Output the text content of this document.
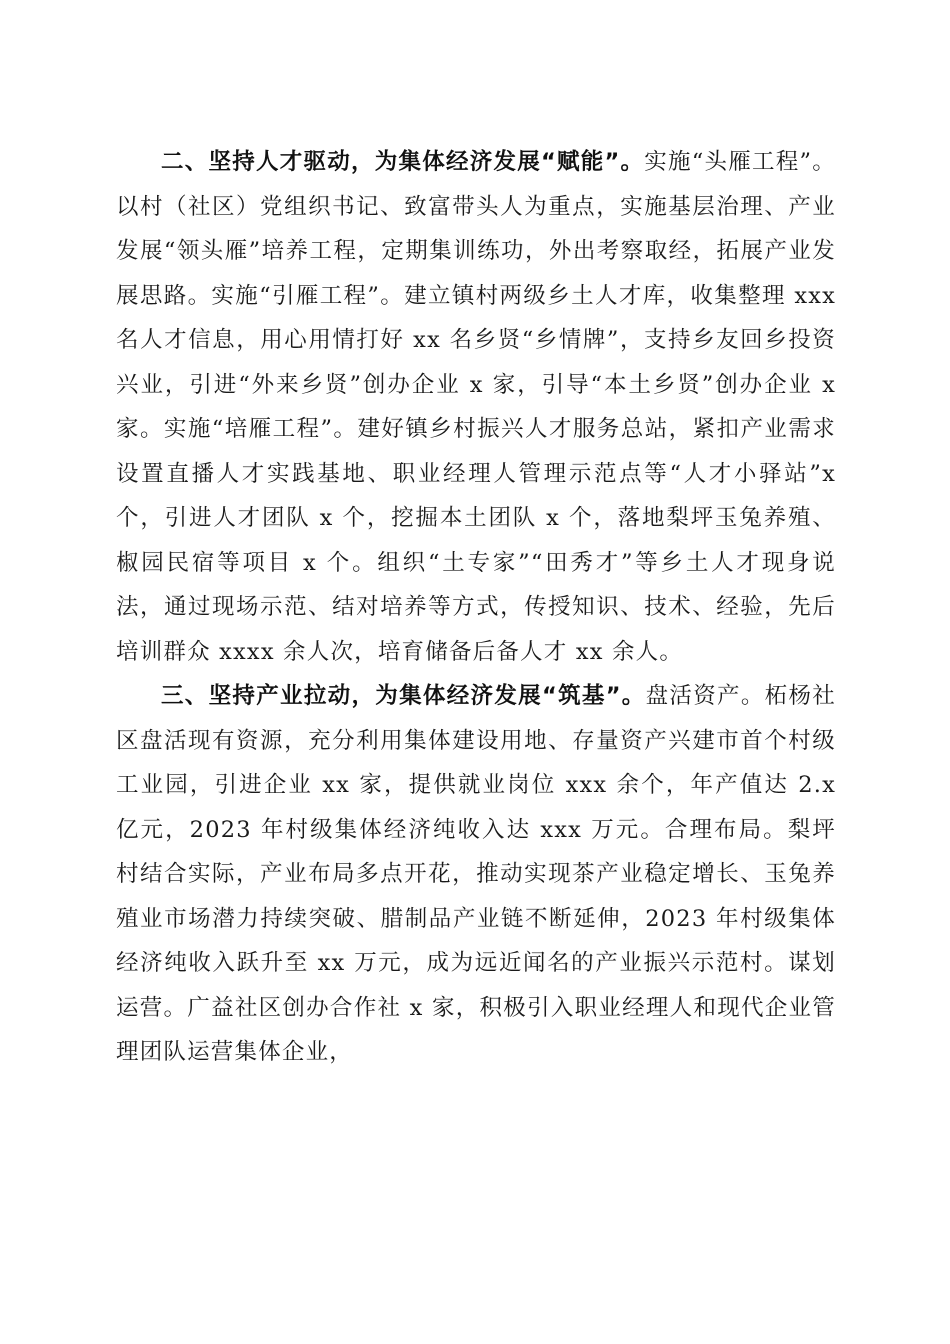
二、坚持人才驱动，为集体经济发展“赋能”。实施“头雁工程”。以村（社区）党组织书记、致富带头人为重点，实施基层治理、产业发展“领头雁”培养工程，定期集训练功，外出考察取经，拓展产业发展思路。实施“引雁工程”。建立镇村两级乡土人才库，收集整理 xxx 名人才信息，用心用情打好 xx 名乡贤“乡情牌”，支持乡友回乡投资兴业，引进“外来乡贤”创办企业 x 家，引导“本土乡贤”创办企业 x 家。实施“培雁工程”。建好镇乡村振兴人才服务总站，紧扣产业需求设置直播人才实践基地、职业经理人管理示范点等“人才小驿站”x 个，引进人才团队 x 个，挖掘本土团队 x 个，落地梨坪玉兔养殖、椒园民宿等项目 x 个。组织“土专家”“田秀才”等乡土人才现身说法，通过现场示范、结对培养等方式，传授知识、技术、经验，先后培训群众 xxxx 余人次，培育储备后备人才 xx 余人。

三、坚持产业拉动，为集体经济发展“筑基”。盘活资产。柘杨社区盘活现有资源，充分利用集体建设用地、存量资产兴建市首个村级工业园，引进企业 xx 家，提供就业岗位 xxx 余个，年产值达 2.x 亿元，2023 年村级集体经济纯收入达 xxx 万元。合理布局。梨坪村结合实际，产业布局多点开花，推动实现茶产业稳定增长、玉兔养殖业市场潜力持续突破、腊制品产业链不断延伸，2023 年村级集体经济纯收入跃升至 xx 万元，成为远近闻名的产业振兴示范村。谋划运营。广益社区创办合作社 x 家，积极引入职业经理人和现代企业管理团队运营集体企业，
